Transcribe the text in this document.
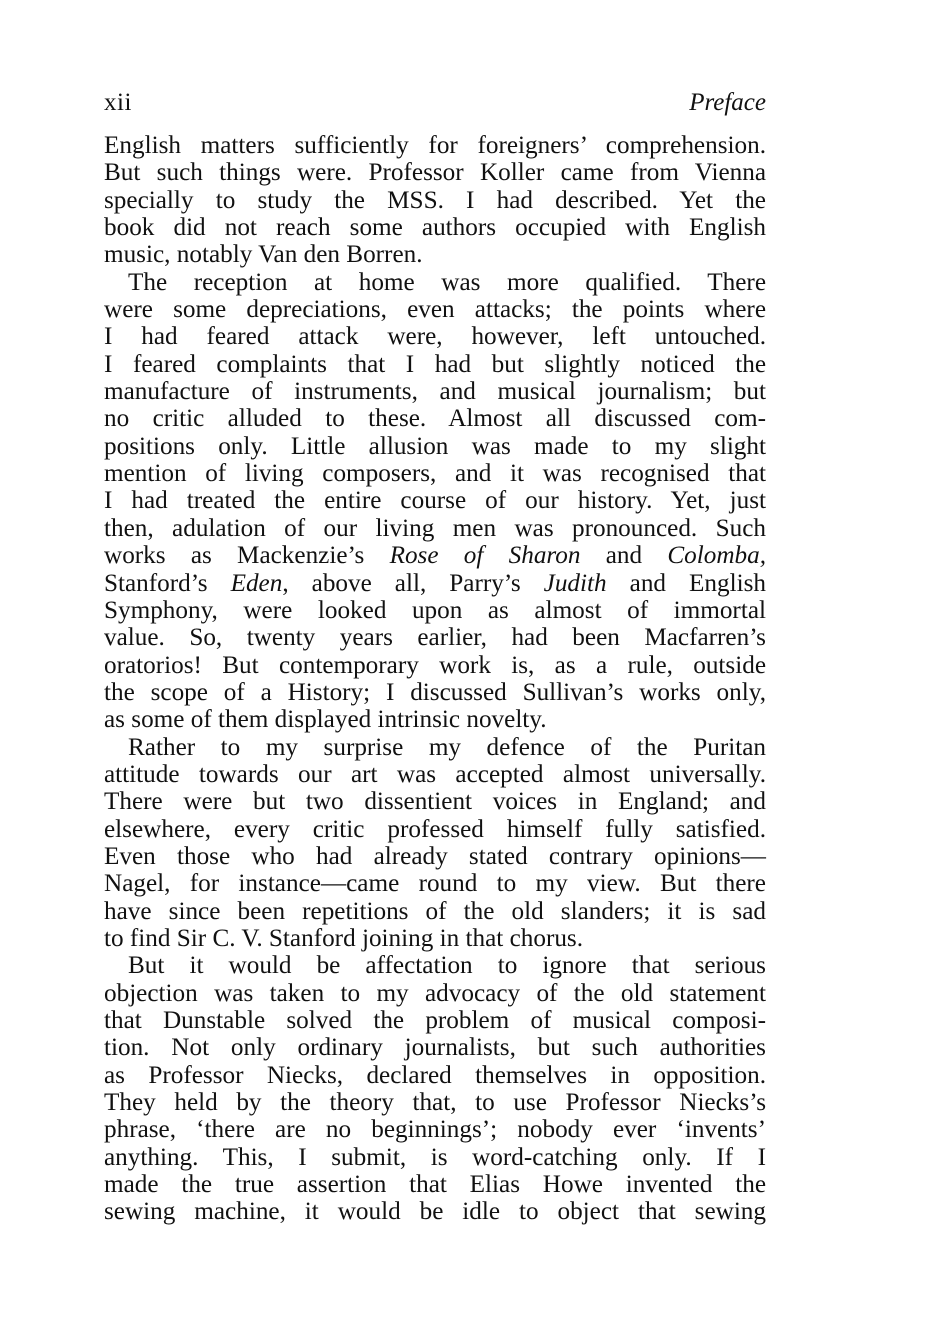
xii	Preface
English matters sufficiently for foreigners’ comprehension.
But such things were. Professor Koller came from Vienna
specially to study the MSS. I had described. Yet the
book did not reach some authors occupied with English
music, notably Van den Borren.
The reception at home was more qualified. There
were some depreciations, even attacks; the points where
I had feared attack were, however, left untouched.
I feared complaints that I had but slightly noticed the
manufacture of instruments, and musical journalism; but
no critic alluded to these. Almost all discussed com-
positions only. Little allusion was made to my slight
mention of living composers, and it was recognised that
I had treated the entire course of our history. Yet, just
then, adulation of our living men was pronounced. Such
works as Mackenzie’s Rose of Sharon and Colomba,
Stanford’s Eden, above all, Parry’s Judith and English
Symphony, were looked upon as almost of immortal
value. So, twenty years earlier, had been Macfarren’s
oratorios! But contemporary work is, as a rule, outside
the scope of a History; I discussed Sullivan’s works only,
as some of them displayed intrinsic novelty.
Rather to my surprise my defence of the Puritan
attitude towards our art was accepted almost universally.
There were but two dissentient voices in England; and
elsewhere, every critic professed himself fully satisfied.
Even those who had already stated contrary opinions—
Nagel, for instance—came round to my view. But there
have since been repetitions of the old slanders; it is sad
to find Sir C. V. Stanford joining in that chorus.
But it would be affectation to ignore that serious
objection was taken to my advocacy of the old statement
that Dunstable solved the problem of musical composi-
tion. Not only ordinary journalists, but such authorities
as Professor Niecks, declared themselves in opposition.
They held by the theory that, to use Professor Niecks’s
phrase, ‘there are no beginnings’; nobody ever ‘invents’
anything. This, I submit, is word-catching only. If I
made the true assertion that Elias Howe invented the
sewing machine, it would be idle to object that sewing
